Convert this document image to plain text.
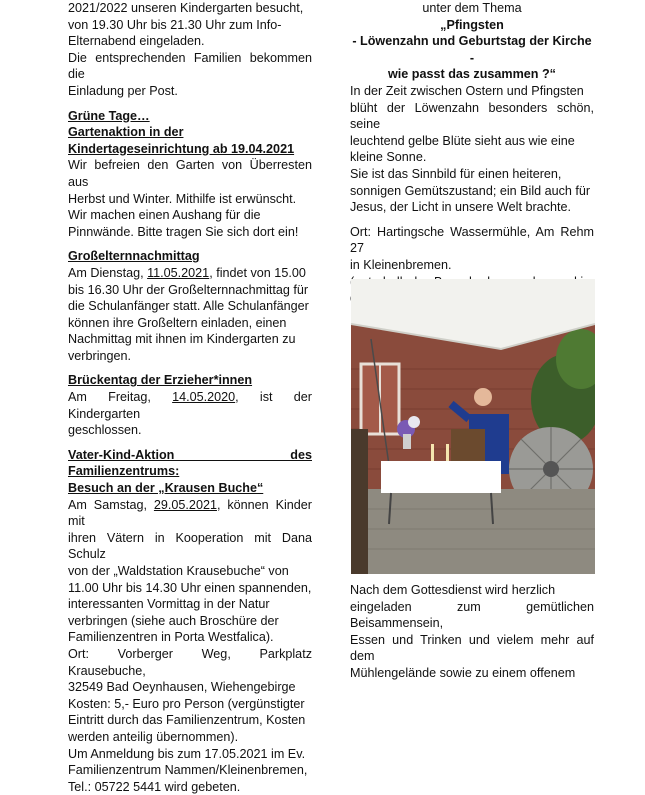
2021/2022 unseren Kindergarten besucht,

von 19.30 Uhr bis 21.30 Uhr zum Info-

Elternabend eingeladen.

Die entsprechenden Familien bekommen die

Einladung per Post.

Grüne Tage…

Gartenaktion in der

Kindertageseinrichtung ab 19.04.2021

Wir befreien den Garten von Überresten aus

Herbst und Winter. Mithilfe ist erwünscht.

Wir machen einen Aushang für die

Pinnwände. Bitte tragen Sie sich dort ein!

Großelternnachmittag

Am Dienstag, 11.05.2021, findet von 15.00

bis 16.30 Uhr der Großelternnachmittag für

die Schulanfänger statt. Alle Schulanfänger

können ihre Großeltern einladen, einen

Nachmittag mit ihnen im Kindergarten zu

verbringen.

Brückentag der Erzieher*innen

Am Freitag, 14.05.2020, ist der Kindergarten

geschlossen.

Vater-Kind-Aktion des Familienzentrums:

Besuch an der „Krausen Buche“

Am Samstag, 29.05.2021, können Kinder mit

ihren Vätern in Kooperation mit Dana Schulz

von der „Waldstation Krausebuche“ von

11.00 Uhr bis 14.30 Uhr einen spannenden,

interessanten Vormittag in der Natur

verbringen (siehe auch Broschüre der

Familienzentren in Porta Westfalica).

Ort: Vorberger Weg, Parkplatz Krausebuche,

32549 Bad Oeynhausen, Wiehengebirge

Kosten: 5,- Euro pro Person (vergünstigter

Eintritt durch das Familienzentrum, Kosten

werden anteilig übernommen).

Um Anmeldung bis zum 17.05.2021 im Ev.

Familienzentrum Nammen/Kleinenbremen,

Tel.: 05722 5441 wird gebeten.

unter dem Thema

„Pfingsten

- Löwenzahn und Geburtstag der Kirche -

wie passt das zusammen ?“

In der Zeit zwischen Ostern und Pfingsten

blüht der Löwenzahn besonders schön, seine

leuchtend gelbe Blüte sieht aus wie eine

kleine Sonne.

Sie ist das Sinnbild für einen heiteren,

sonnigen Gemütszustand; ein Bild auch für

Jesus, der Licht in unsere Welt brachte.

Ort: Hartingsche Wassermühle, Am Rehm 27

in Kleinenbremen.

Nach dem Gottesdienst wird herzlich

eingeladen zum gemütlichen Beisammensein,

Essen und Trinken und vielem mehr auf dem

Mühlengelände sowie zu einem offenem
